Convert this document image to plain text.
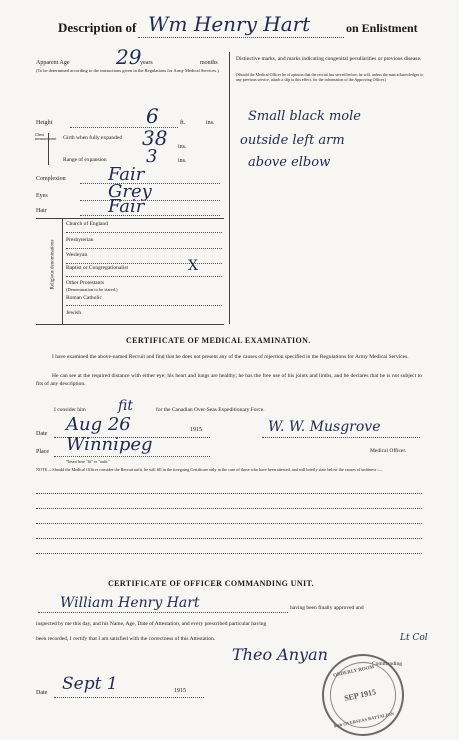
Description of Wm Henry Hart	on Enlistment
Apparent Age 29
years	months
(To be determined according to the instructions given in the Regulations for Army Medical Services.)
Height	6	ft.	ins.
Chest measurement Girth when fully expanded 38 ins.
Range of expansion 3	ins.
Complexion Fair
Eyes	Grey
Hair	Fair
Religious denominations
Church of England
Presbyterian
Wesleyan
Baptist or Congregationalist	X
Other Protestants
(Denomination to be stated.)
Roman Catholic
Jewish
Distinctive marks, and marks indicating congenital peculiarities or previous disease.
(Should the Medical Officer be of opinion that the recruit has served before, he will, unless the man acknowledges to any previous service, attach a slip to this effect, for the information of the Approving Officer.)
Small black mole
outside left arm
above elbow
CERTIFICATE OF MEDICAL EXAMINATION.
I have examined the above-named Recruit and find that he does not present any of the causes of rejection specified in the Regulations for Army Medical Services.
He can see at the required distance with either eye; his heart and lungs are healthy; he has the free use of his joints and limbs, and he declares that he is not subject to fits of any description.
I consider him fit	for the Canadian Over-Seas Expeditionary Force.
Date Aug 26	1915	W. W. Musgrove
Place Winnipeg	Medical Officer.
*Insert here "fit" or "unfit."
NOTE.—Should the Medical Officer consider the Recruit unfit, he will fill in the foregoing Certificate only in the case of those who have been attested, and will briefly state below the causes of unfitness :—
CERTIFICATE OF OFFICER COMMANDING UNIT.
William Henry Hart	having been finally approved and
inspected by me this day, and his Name, Age, Date of Attestation, and every prescribed particular having
been recorded, I certify that I am satisfied with the correctness of this Attestation.
Theo Anyan
Lt Col
Commanding
Date Sept 1	1915
ORDERLY ROOM
SEP 1915
90th OVERSEAS BATTALION
